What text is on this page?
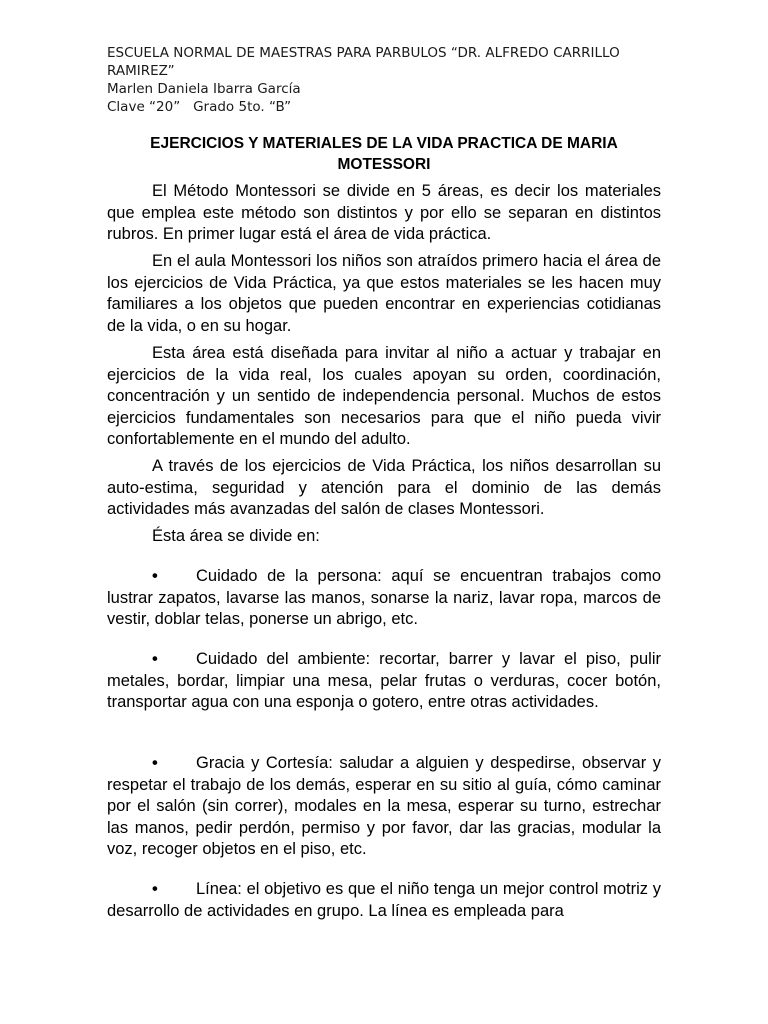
ESCUELA NORMAL DE MAESTRAS PARA PARBULOS “DR. ALFREDO CARRILLO
RAMIREZ”
Marlen Daniela Ibarra García
Clave “20”   Grado 5to. “B”
EJERCICIOS Y MATERIALES DE LA VIDA PRACTICA DE MARIA MOTESSORI

El Método Montessori se divide en 5 áreas, es decir los materiales que emplea este método son distintos y por ello se separan en distintos rubros. En primer lugar está el área de vida práctica.

En el aula Montessori los niños son atraídos primero hacia el área de los ejercicios de Vida Práctica, ya que estos materiales se les hacen muy familiares a los objetos que pueden encontrar en experiencias cotidianas de la vida, o en su hogar.

Esta área está diseñada para invitar al niño a actuar y trabajar en ejercicios de la vida real, los cuales apoyan su orden, coordinación, concentración y un sentido de independencia personal. Muchos de estos ejercicios fundamentales son necesarios para que el niño pueda vivir confortablemente en el mundo del adulto.

A través de los ejercicios de Vida Práctica, los niños desarrollan su auto-estima, seguridad y atención para el dominio de las demás actividades más avanzadas del salón de clases Montessori.

Ésta área se divide en:

• Cuidado de la persona: aquí se encuentran trabajos como lustrar zapatos, lavarse las manos, sonarse la nariz, lavar ropa, marcos de vestir, doblar telas, ponerse un abrigo, etc.

• Cuidado del ambiente: recortar, barrer y lavar el piso, pulir metales, bordar, limpiar una mesa, pelar frutas o verduras, cocer botón, transportar agua con una esponja o gotero, entre otras actividades.

• Gracia y Cortesía: saludar a alguien y despedirse, observar y respetar el trabajo de los demás, esperar en su sitio al guía, cómo caminar por el salón (sin correr), modales en la mesa, esperar su turno, estrechar las manos, pedir perdón, permiso y por favor, dar las gracias, modular la voz, recoger objetos en el piso, etc.

• Línea: el objetivo es que el niño tenga un mejor control motriz y desarrollo de actividades en grupo. La línea es empleada para
